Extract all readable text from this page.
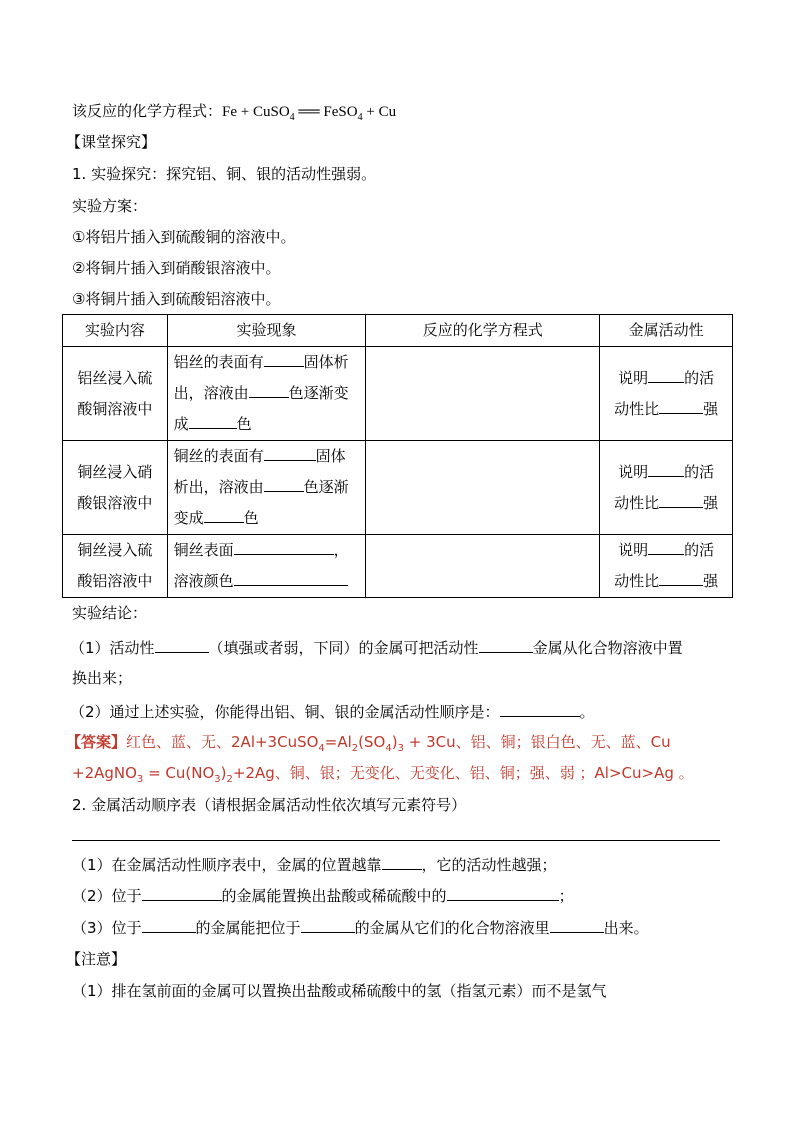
该反应的化学方程式：Fe + CuSO$_4$ ══ FeSO$_4$ + Cu
【课堂探究】
1. 实验探究：探究铝、铜、银的活动性强弱。
实验方案：
①将铝片插入到硫酸铜的溶液中。
②将铜片插入到硝酸银溶液中。
③将铜片插入到硫酸铝溶液中。
实验内容	实验现象	反应的化学方程式	金属活动性
铝丝浸入硫
酸铜溶液中	铝丝的表面有 固体析
出，溶液由 色逐渐变
成 色		说明 的活
动性比 强
铜丝浸入硝
酸银溶液中	铜丝的表面有 固体
析出，溶液由 色逐渐
变成 色		说明 的活
动性比 强
铜丝浸入硫
酸铝溶液中	铜丝表面 ，
溶液颜色		说明 的活
动性比 强
实验结论：
（1）活动性	（填强或者弱，下同）的金属可把活动性	金属从化合物溶液中置
换出来；
（2）通过上述实验，你能得出铝、铜、银的金属活动性顺序是：	。
【答案】红色、蓝、无、$2Al+3CuSO_4=Al_2(SO_4)_3 + 3Cu$、铝、铜；银白色、无、蓝、Cu
+2AgNO$_3$ = $Cu(NO_3)_2+2Ag$、铜、银；无变化、无变化、铝、铜；强、弱 ；Al>Cu>Ag 。
2. 金属活动顺序表（请根据金属活动性依次填写元素符号）
（1）在金属活动性顺序表中，金属的位置越靠	，它的活动性越强；
（2）位于	的金属能置换出盐酸或稀硫酸中的	；
（3）位于	的金属能把位于	的金属从它们的化合物溶液里	出来。
【注意】
（1）排在氢前面的金属可以置换出盐酸或稀硫酸中的氢（指氢元素）而不是氢气
